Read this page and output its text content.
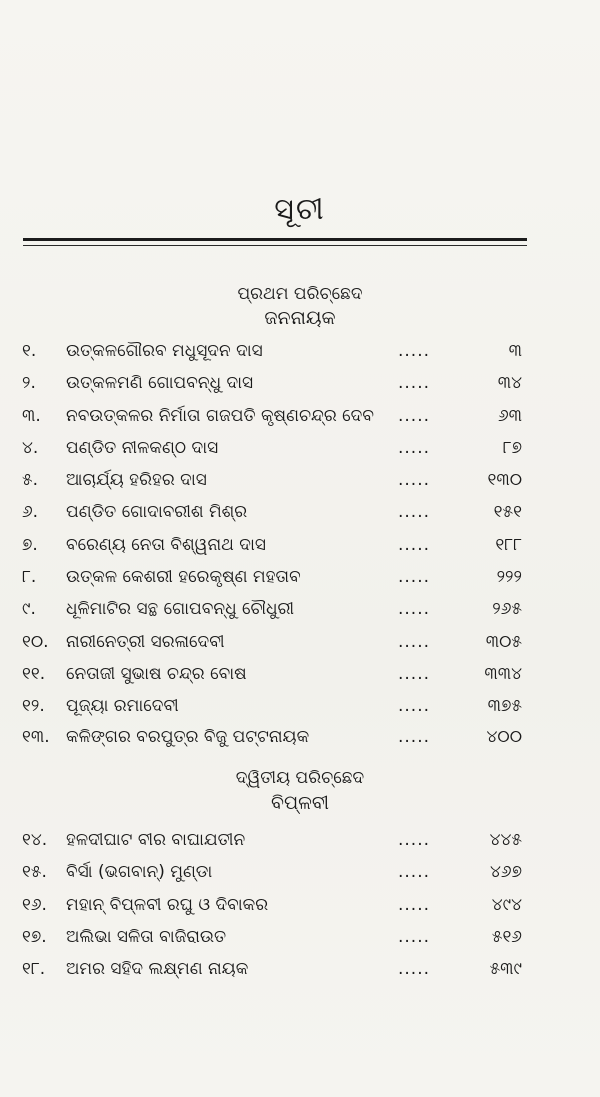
ସୂଚୀ
ପ୍ରଥମ ପରିଚ୍ଛେଦ
ଜନନାୟକ
୧.	ଉତ୍କଳଗୌରବ ମଧୁସୂଦନ ଦାସ	.....	୩
୨.	ଉତ୍କଳମଣି ଗୋପବନ୍ଧୁ ଦାସ	.....	୩୪
୩.	ନବଉତ୍କଳର ନିର୍ମାତା ଗଜପତି କୃଷ୍ଣଚନ୍ଦ୍ର ଦେବ	.....	୬୩
୪.	ପଣ୍ଡିତ ନୀଳକଣ୍ଠ ଦାସ	.....	୮୭
୫.	ଆଚାର୍ଯ୍ୟ ହରିହର ଦାସ	.....	୧୩୦
୬.	ପଣ୍ଡିତ ଗୋଦାବରୀଶ ମିଶ୍ର	.....	୧୫୧
୭.	ବରେଣ୍ୟ ନେତା ବିଶ୍ୱନାଥ ଦାସ	.....	୧୮୮
୮.	ଉତ୍କଳ କେଶରୀ ହରେକୃଷ୍ଣ ମହତାବ	.....	୨୨୨
୯.	ଧୂଳିମାଟିର ସନ୍ଥ ଗୋପବନ୍ଧୁ ଚୌଧୁରୀ	.....	୨୬୫
୧୦.	ନାରୀନେତ୍ରୀ ସରଳାଦେବୀ	.....	୩୦୫
୧୧.	ନେତାଜୀ ସୁଭାଷ ଚନ୍ଦ୍ର ବୋଷ	.....	୩୩୪
୧୨.	ପୂଜ୍ୟା ରମାଦେବୀ	.....	୩୭୫
୧୩. କଳିଙ୍ଗର ବରପୁତ୍ର ବିଜୁ ପଟ୍ଟନାୟକ	.....	୪୦୦
ଦ୍ୱିତୀୟ ପରିଚ୍ଛେଦ
ବିପ୍ଳବୀ
୧୪.	ହଳଦୀଘାଟ ବୀର ବାଘାଯତୀନ	.....	୪୪୫
୧୫.	ବିର୍ସା (ଭଗବାନ୍) ମୁଣ୍ଡା	.....	୪୬୭
୧୬.	ମହାନ୍ ବିପ୍ଳବୀ ରଘୁ ଓ ଦିବାକର	.....	୪୯୪
୧୭.	ଅଲିଭା ସଳିତା ବାଜିରାଉତ	.....	୫୧୬
୧୮.	ଅମର ସହିଦ ଲକ୍ଷ୍ମଣ ନାୟକ	.....	୫୩୯
